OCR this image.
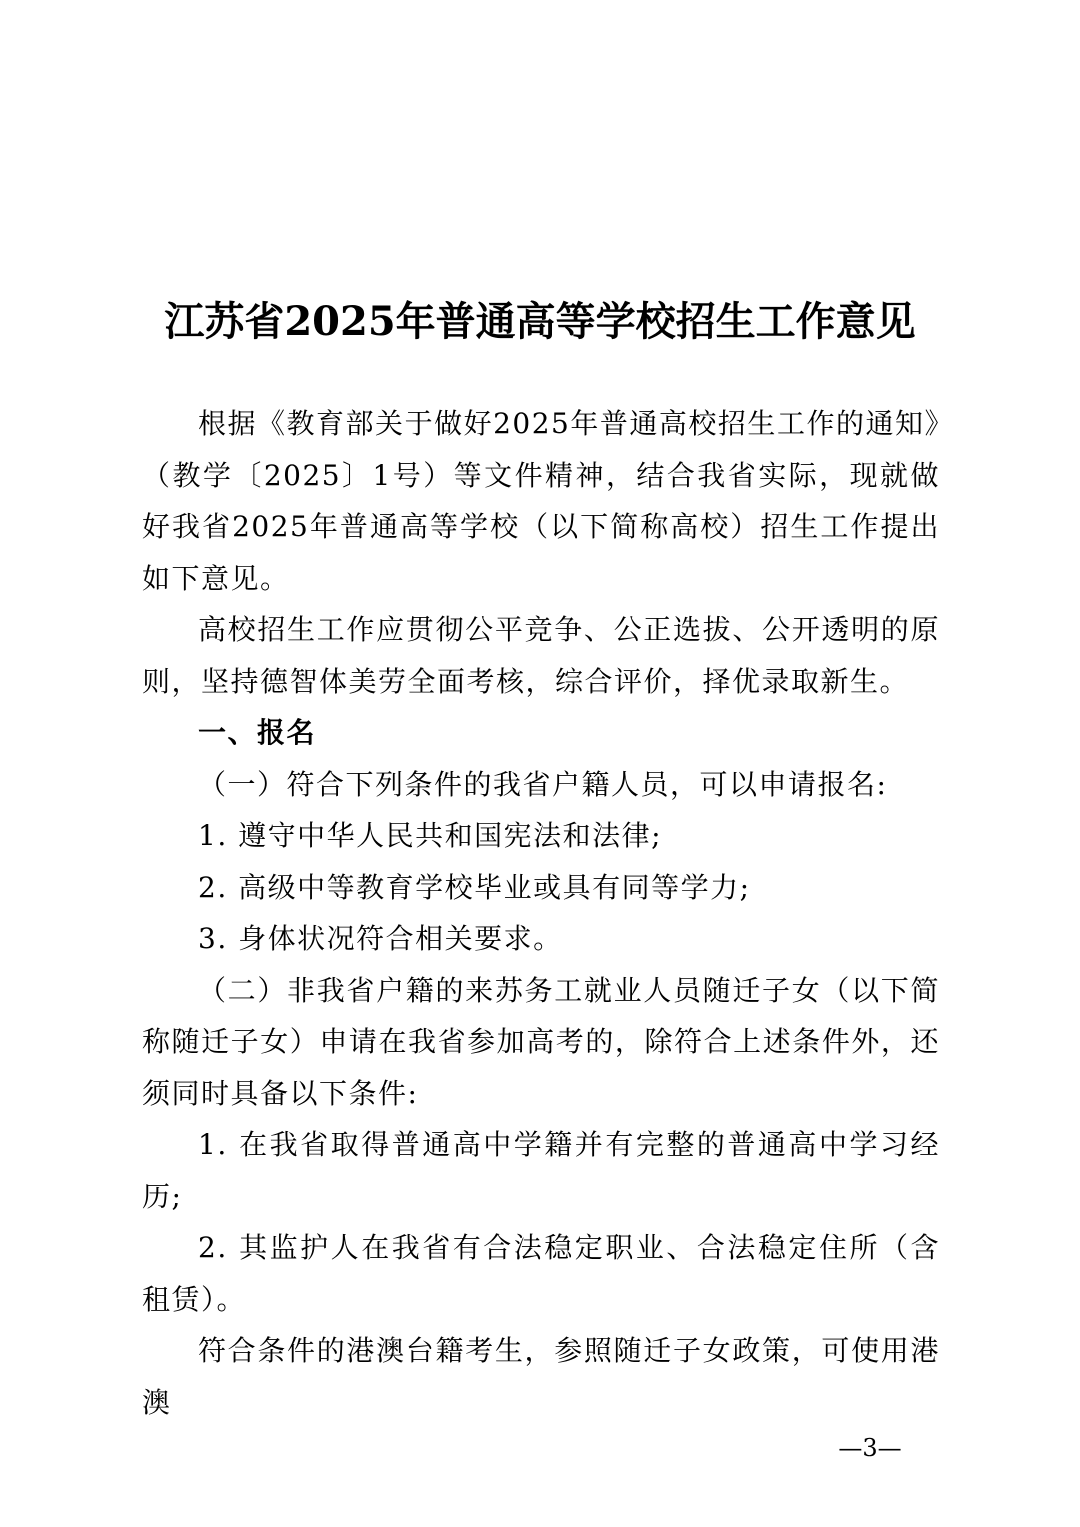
江苏省2025年普通高等学校招生工作意见

根据《教育部关于做好2025年普通高校招生工作的通知》（教学〔2025〕1号）等文件精神，结合我省实际，现就做好我省2025年普通高等学校（以下简称高校）招生工作提出如下意见。

高校招生工作应贯彻公平竞争、公正选拔、公开透明的原则，坚持德智体美劳全面考核，综合评价，择优录取新生。

一、报名

（一）符合下列条件的我省户籍人员，可以申请报名:

1. 遵守中华人民共和国宪法和法律;

2. 高级中等教育学校毕业或具有同等学力;

3. 身体状况符合相关要求。

（二）非我省户籍的来苏务工就业人员随迁子女（以下简称随迁子女）申请在我省参加高考的，除符合上述条件外，还须同时具备以下条件:

1. 在我省取得普通高中学籍并有完整的普通高中学习经历;

2. 其监护人在我省有合法稳定职业、合法稳定住所（含租赁）。

符合条件的港澳台籍考生，参照随迁子女政策，可使用港澳

—3—
